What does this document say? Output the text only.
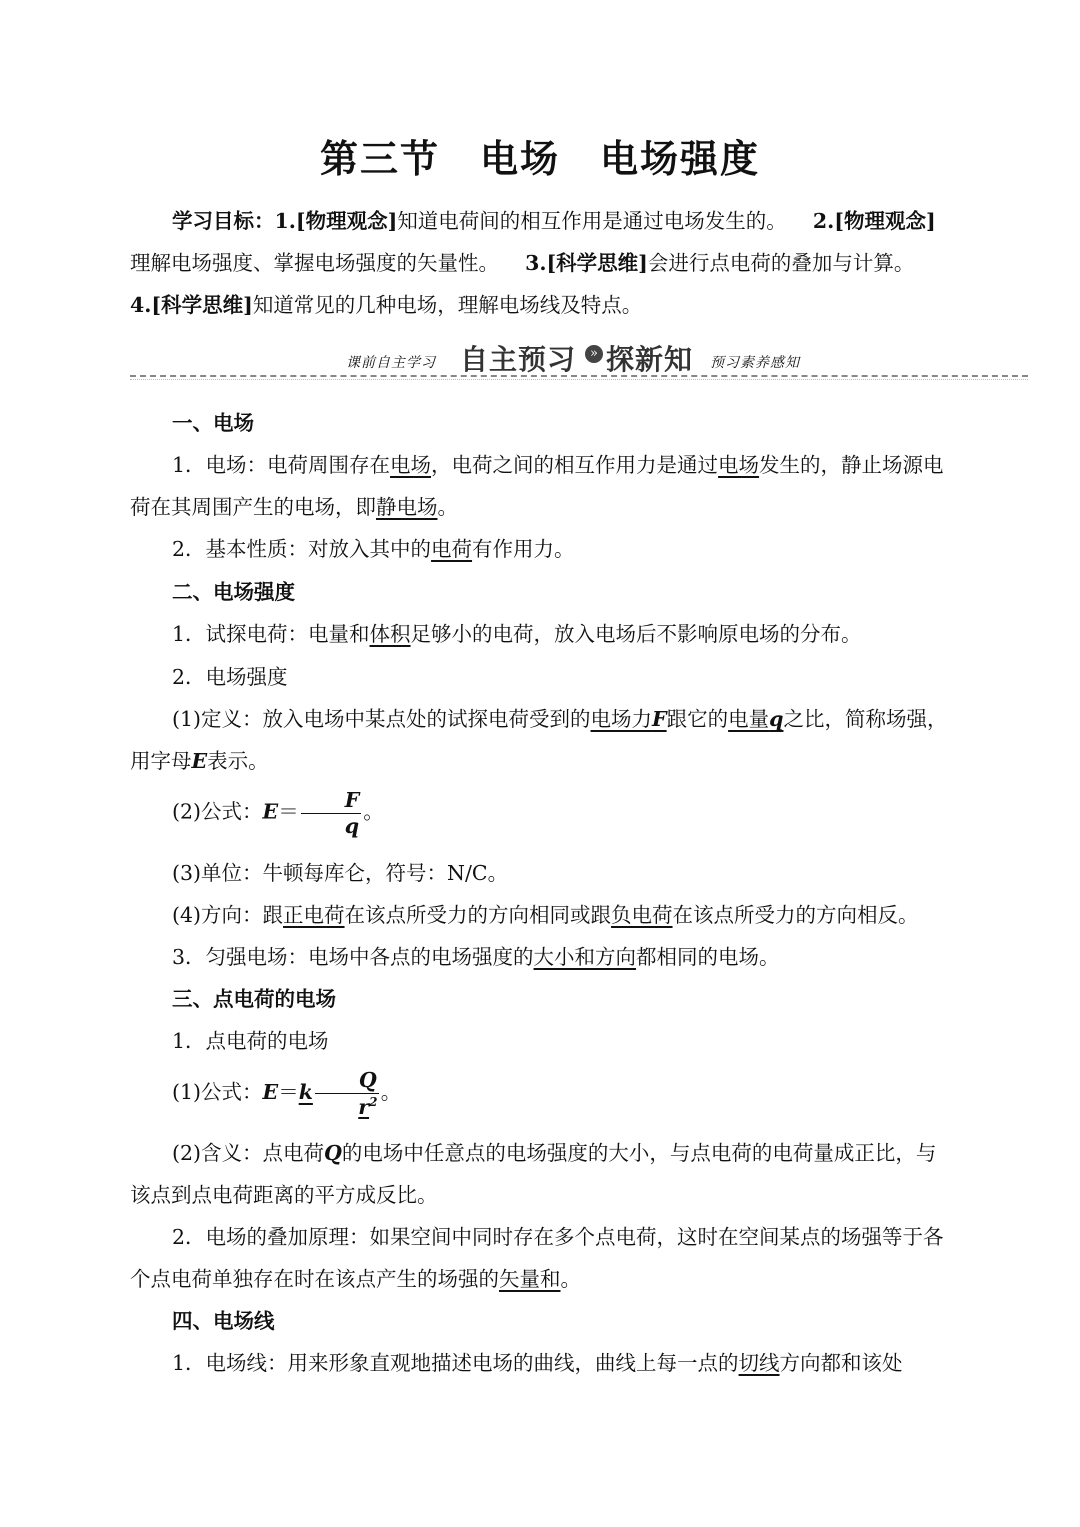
第三节 电场 电场强度

学习目标：1.[物理观念]知道电荷间的相互作用是通过电场发生的。 2.[物理观念]理解电场强度、掌握电场强度的矢量性。 3.[科学思维]会进行点电荷的叠加与计算。
4.[科学思维]知道常见的几种电场，理解电场线及特点。

课前自主学习 自主预习	» 探新知 预习素养感知

一、电场

1．电场：电荷周围存在电场，电荷之间的相互作用力是通过电场发生的，静止场源电荷在其周围产生的电场，即静电场。

2．基本性质：对放入其中的电荷有作用力。

二、电场强度

1．试探电荷：电量和体积足够小的电荷，放入电场后不影响原电场的分布。

2．电场强度

(1)定义：放入电场中某点处的试探电荷受到的电场力F跟它的电量q之比，简称场强，用字母E表示。

(2)公式：$E= \frac{F}{q}$ 。

(3)单位：牛顿每库仑，符号：N/C。

(4)方向：跟正电荷在该点所受力的方向相同或跟负电荷在该点所受力的方向相反。

3．匀强电场：电场中各点的电场强度的大小和方向都相同的电场。

三、点电荷的电场

1．点电荷的电场

(1)公式：$E=k \frac{Q}{r^2}$ 。

(2)含义：点电荷Q的电场中任意点的电场强度的大小，与点电荷的电荷量成正比，与该点到点电荷距离的平方成反比。

2．电场的叠加原理：如果空间中同时存在多个点电荷，这时在空间某点的场强等于各个点电荷单独存在时在该点产生的场强的矢量和。

四、电场线

1．电场线：用来形象直观地描述电场的曲线，曲线上每一点的切线方向都和该处
